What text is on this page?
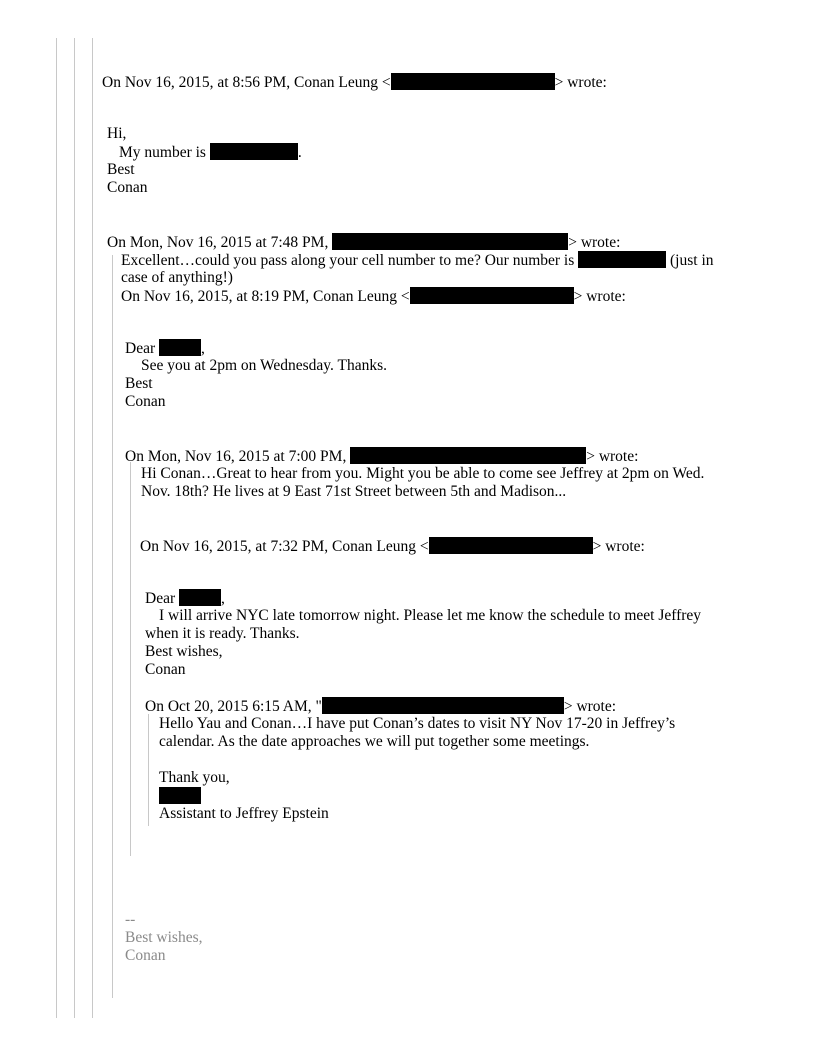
On Nov 16, 2015, at 8:56 PM, Conan Leung <	> wrote:
Hi,
My number is	.
Best
Conan
On Mon, Nov 16, 2015 at 7:48 PM,	> wrote:
Excellent…could you pass along your cell number to me? Our number is	(just in
case of anything!)
On Nov 16, 2015, at 8:19 PM, Conan Leung <	> wrote:
Dear	,
See you at 2pm on Wednesday. Thanks.
Best
Conan
On Mon, Nov 16, 2015 at 7:00 PM,	> wrote:
Hi Conan…Great to hear from you. Might you be able to come see Jeffrey at 2pm on Wed.
Nov. 18th? He lives at 9 East 71st Street between 5th and Madison...
On Nov 16, 2015, at 7:32 PM, Conan Leung <	> wrote:
Dear	,
I will arrive NYC late tomorrow night. Please let me know the schedule to meet Jeffrey
when it is ready. Thanks.
Best wishes,
Conan
On Oct 20, 2015 6:15 AM, "	> wrote:
Hello Yau and Conan…I have put Conan’s dates to visit NY Nov 17-20 in Jeffrey’s
calendar. As the date approaches we will put together some meetings.
Thank you,
Assistant to Jeffrey Epstein
--
Best wishes,
Conan
